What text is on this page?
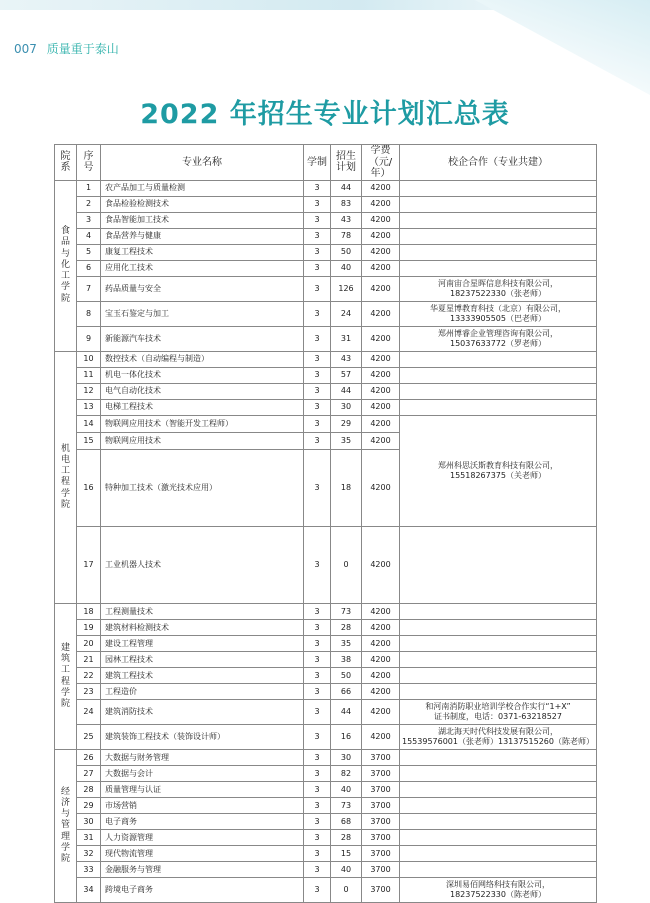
007 质量重于泰山
2022 年招生专业计划汇总表
院系	序号	专业名称	学制	招生计划	学费（元/年）	校企合作（专业共建）	
食品与化工学院	1	农产品加工与质量检测	3	44	4200		
	2	食品检验检测技术	3	83	4200		
	3	食品智能加工技术	3	43	4200		
	4	食品营养与健康	3	78	4200		
	5	康复工程技术	3	50	4200		
	6	应用化工技术	3	40	4200		
	7	药品质量与安全	3	126	4200	河南宙合星晖信息科技有限公司，
18237522330（张老师）	

	8	宝玉石鉴定与加工	3	24	4200	华夏星博教育科技（北京）有限公司，
13333905505（巴老师）	

	9	新能源汽车技术	3	31	4200	郑州博睿企业管理咨询有限公司，
15037633772（罗老师）	

机电工程学院	10	数控技术（自动编程与制造）	3	43	4200		
	11	机电一体化技术	3	57	4200		
	12	电气自动化技术	3	44	4200		
	13	电梯工程技术	3	30	4200		
	14	物联网应用技术（智能开发工程师）	3	29	4200	郑州科思沃斯教育科技有限公司，
15518267375（关老师）	

	15	物联网应用技术	3	35	4200		
	16	特种加工技术（激光技术应用）	3	18	4200	

	17	工业机器人技术	3	0	4200		
建筑工程学院	18	工程测量技术	3	73	4200		
	19	建筑材料检测技术	3	28	4200		
	20	建设工程管理	3	35	4200		
	21	园林工程技术	3	38	4200		
	22	建筑工程技术	3	50	4200		
	23	工程造价	3	66	4200		
	24	建筑消防技术	3	44	4200	和河南消防职业培训学校合作实行“1+X”
证书制度，电话：0371-63218527	

	25	建筑装饰工程技术（装饰设计师）	3	16	4200	湖北海天时代科技发展有限公司，
15539576001（张老师）13137515260（陈老师）	

经济与管理学院	26	大数据与财务管理	3	30	3700		
	27	大数据与会计	3	82	3700		
	28	质量管理与认证	3	40	3700		
	29	市场营销	3	73	3700		
	30	电子商务	3	68	3700		
	31	人力资源管理	3	28	3700		
	32	现代物流管理	3	15	3700		
	33	金融服务与管理	3	40	3700		
	34	跨境电子商务	3	0	3700	深圳易佰网络科技有限公司，
18237522330（陈老师）	
